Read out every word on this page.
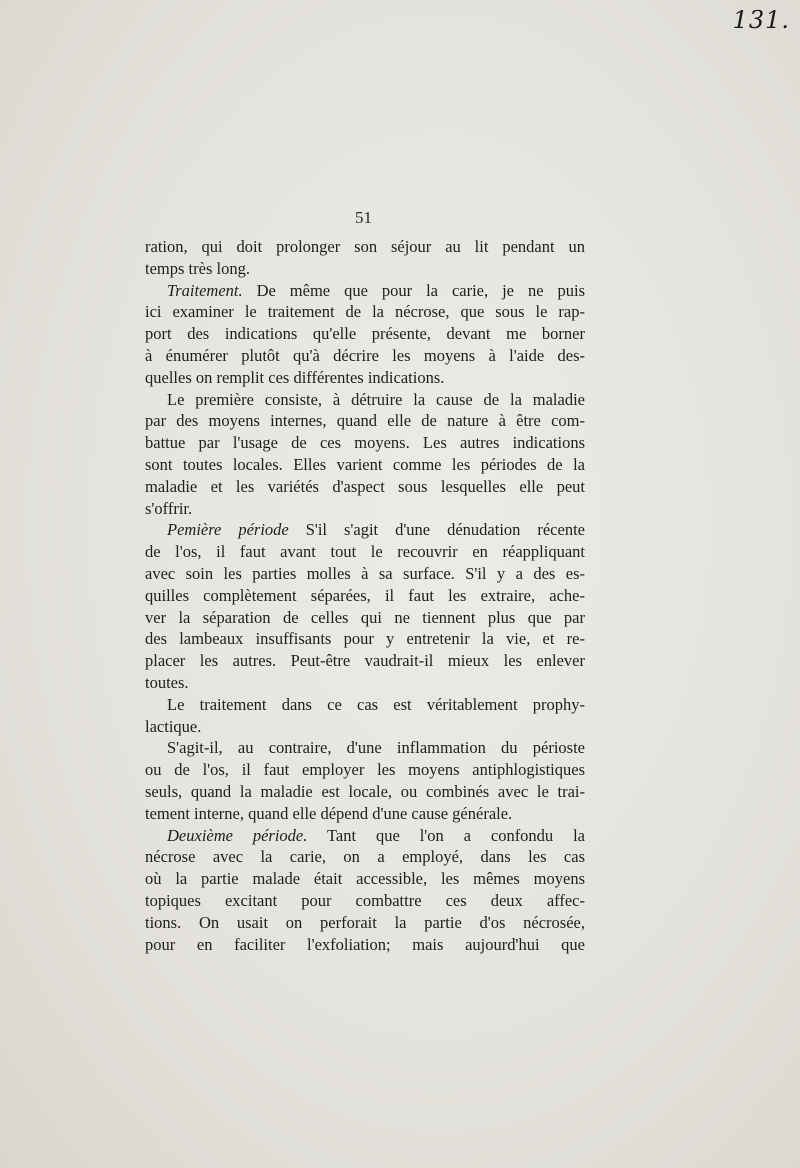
131.
51
ration, qui doit prolonger son séjour au lit pendant un
temps très long.
Traitement. De même que pour la carie, je ne puis
ici examiner le traitement de la nécrose, que sous le rap-
port des indications qu'elle présente, devant me borner
à énumérer plutôt qu'à décrire les moyens à l'aide des-
quelles on remplit ces différentes indications.
Le première consiste, à détruire la cause de la maladie
par des moyens internes, quand elle de nature à être com-
battue par l'usage de ces moyens. Les autres indications
sont toutes locales. Elles varient comme les périodes de la
maladie et les variétés d'aspect sous lesquelles elle peut
s'offrir.
Pemière période S'il s'agit d'une dénudation récente
de l'os, il faut avant tout le recouvrir en réappliquant
avec soin les parties molles à sa surface. S'il y a des es-
quilles complètement séparées, il faut les extraire, ache-
ver la séparation de celles qui ne tiennent plus que par
des lambeaux insuffisants pour y entretenir la vie, et re-
placer les autres. Peut-être vaudrait-il mieux les enlever
toutes.
Le traitement dans ce cas est véritablement prophy-
lactique.
S'agit-il, au contraire, d'une inflammation du périoste
ou de l'os, il faut employer les moyens antiphlogistiques
seuls, quand la maladie est locale, ou combinés avec le trai-
tement interne, quand elle dépend d'une cause générale.
Deuxième période. Tant que l'on a confondu la
nécrose avec la carie, on a employé, dans les cas
où la partie malade était accessible, les mêmes moyens
topiques excitant pour combattre ces deux affec-
tions. On usait on perforait la partie d'os nécrosée,
pour en faciliter l'exfoliation; mais aujourd'hui que
